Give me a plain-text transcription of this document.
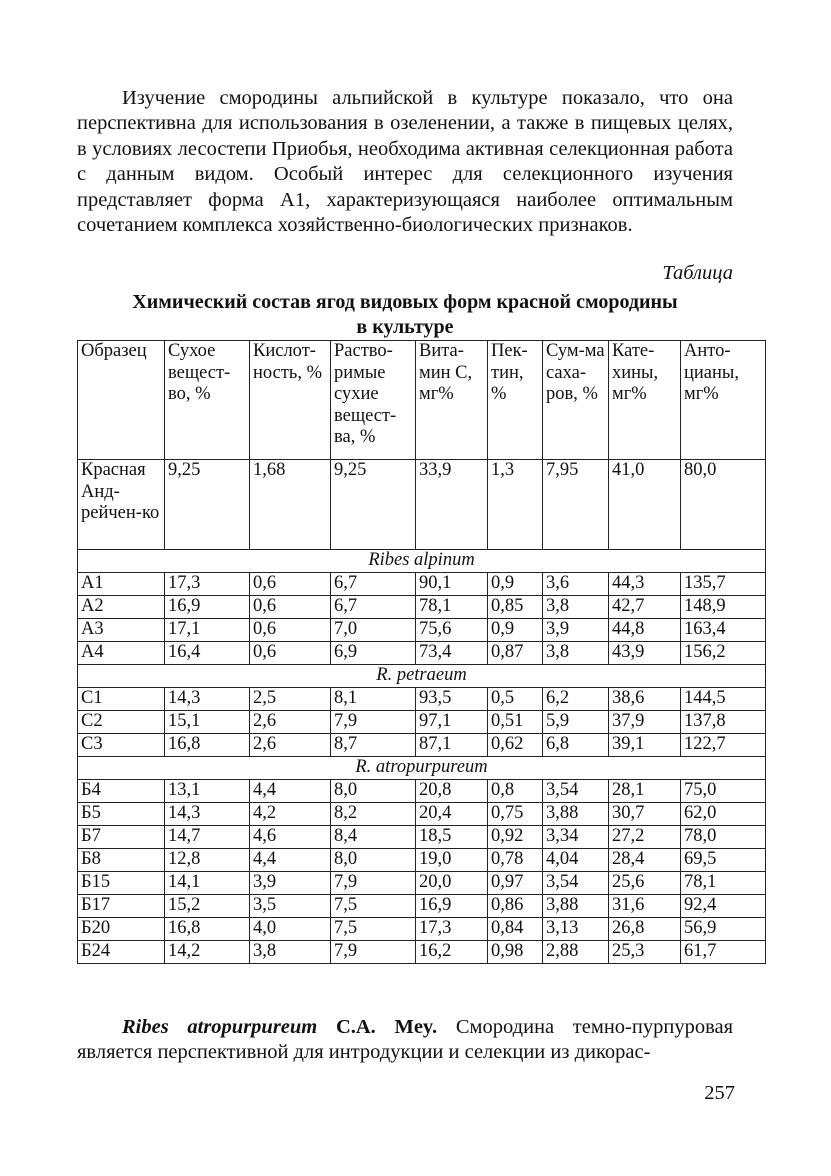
Изучение смородины альпийской в культуре показало, что она перспективна для использования в озеленении, а также в пищевых целях, в условиях лесостепи Приобья, необходима активная селекционная работа с данным видом. Особый интерес для селекционного изучения представляет форма А1, характеризующаяся наиболее оптимальным сочетанием комплекса хозяйственно-биологических признаков.

Таблица
Химический состав ягод видовых форм красной смородины
в культуре
Образец	Сухое вещест-во, %	Кислот-ность, %	Раство-римые сухие вещест-ва, %	Вита-мин С, мг%	Пек-тин, %	Сум-ма саха-ров, %	Кате-хины, мг%	Анто-цианы, мг%
Красная Анд-рейчен-ко	9,25	1,68	9,25	33,9	1,3	7,95	41,0	80,0
Ribes alpinum								
А1	17,3	0,6	6,7	90,1	0,9	3,6	44,3	135,7
А2	16,9	0,6	6,7	78,1	0,85	3,8	42,7	148,9
А3	17,1	0,6	7,0	75,6	0,9	3,9	44,8	163,4
А4	16,4	0,6	6,9	73,4	0,87	3,8	43,9	156,2
R. petraeum								
С1	14,3	2,5	8,1	93,5	0,5	6,2	38,6	144,5
С2	15,1	2,6	7,9	97,1	0,51	5,9	37,9	137,8
С3	16,8	2,6	8,7	87,1	0,62	6,8	39,1	122,7
R. atropurpureum								
Б4	13,1	4,4	8,0	20,8	0,8	3,54	28,1	75,0
Б5	14,3	4,2	8,2	20,4	0,75	3,88	30,7	62,0
Б7	14,7	4,6	8,4	18,5	0,92	3,34	27,2	78,0
Б8	12,8	4,4	8,0	19,0	0,78	4,04	28,4	69,5
Б15	14,1	3,9	7,9	20,0	0,97	3,54	25,6	78,1
Б17	15,2	3,5	7,5	16,9	0,86	3,88	31,6	92,4
Б20	16,8	4,0	7,5	17,3	0,84	3,13	26,8	56,9
Б24	14,2	3,8	7,9	16,2	0,98	2,88	25,3	61,7

Ribes atropurpureum С.А. Mey. Смородина темно-пурпуровая является перспективной для интродукции и селекции из дикорас-

257
